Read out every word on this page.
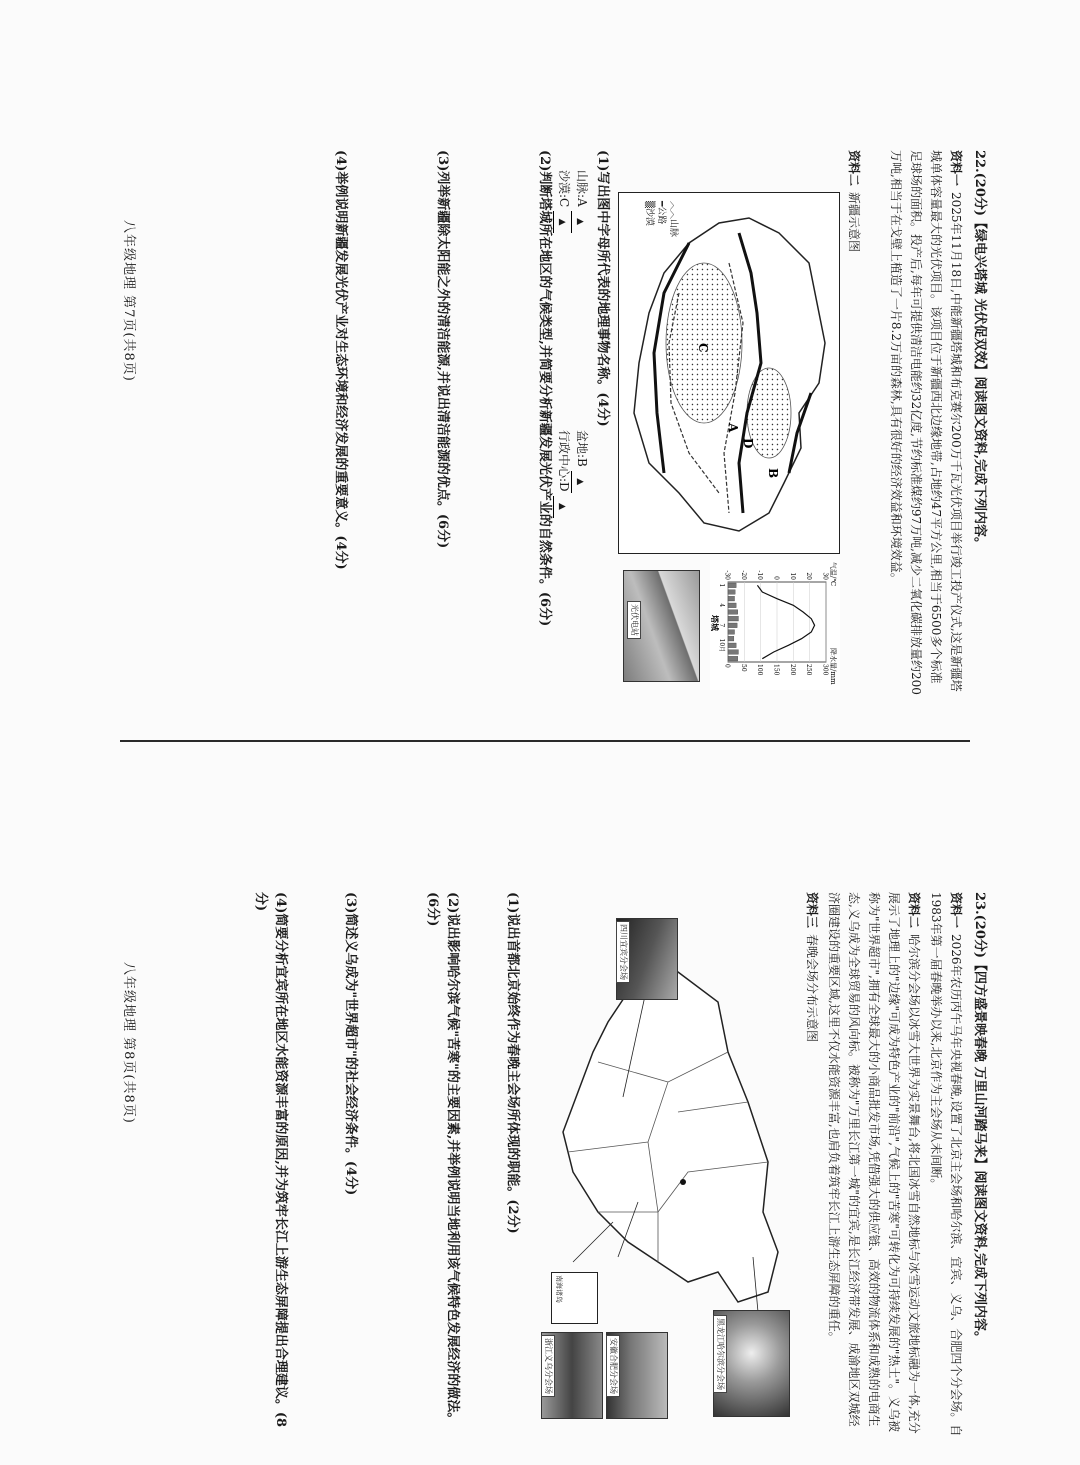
22.(20分)【绿电兴塔城 光伏促双效】阅读图文资料,完成下列内容。
资料一2025年11月18日,中能新疆塔城和布克赛尔200万千瓦光伏项目举行竣工投产仪式,这是新疆塔城单体容量最大的光伏项目。该项目位于新疆西北边缘地带,占地约47平方公里,相当于6500多个标准足球场的面积。投产后,每年可提供清洁电能约32亿度,节约标准煤约97万吨,减少二氧化碳排放量约200万吨,相当于在戈壁上植造了一片8.2万亩的森林,具有很好的经济效益和环境效益。
资料二新疆示意图
A
B
C
D
︿︿山脉
━公路
▒沙漠
气温/℃
降水量/mm
塔城
30
300
20
250
10
200
0
150
-10
100
-20
50
-30
0
1
4
7
10月
光伏电站
(1)写出图中字母所代表的地理事物名称。(4分)
山脉:A ▲
盆地:B ▲
沙漠:C ▲
行政中心:D ▲
(2)判断塔城所在地区的气候类型,并简要分析新疆发展光伏产业的自然条件。(6分)
(3)列举新疆除太阳能之外的清洁能源,并说出清洁能源的优点。(6分)
(4)举例说明新疆发展光伏产业对生态环境和经济发展的重要意义。(4分)
八年级地理 第7页(共8页)
23.(20分)【四方盛景映春晚 万里山河踏马来】阅读图文资料,完成下列内容。
资料一2026年农历丙午马年央视春晚,设置了北京主会场和哈尔滨、宜宾、义乌、合肥四个分会场。自1983年第一届春晚举办以来,北京作为主会场从未间断。
资料二哈尔滨分会场以冰雪大世界为实景舞台,将北国冰雪自然地标与冰雪运动文旅地标融为一体,充分展示了地理上的"边缘"可成为特色产业的"前沿",气候上的"苦寒"可转化为可持续发展的"热土"。义乌被称为"世界超市",拥有全球最大的小商品批发市场,凭借强大的供应链、高效的物流体系和成熟的电商生态,义乌成为全球贸易的风向标。被称为"万里长江第一城"的宜宾,是长江经济带发展、成渝地区双城经济圈建设的重要区域,这里不仅水能资源丰富,也肩负着筑牢长江上游生态屏障的重任。
资料三春晚会场分布示意图
黑龙江哈尔滨分会场
安徽合肥分会场
浙江义乌分会场
四川宜宾分会场
南海诸岛
(1)说出首都北京始终作为春晚主会场所体现的职能。(2分)
(2)说出影响哈尔滨气候"苦寒"的主要因素,并举例说明当地利用该气候特色发展经济的做法。(6分)
(3)简述义乌成为"世界超市"的社会经济条件。(4分)
(4)简要分析宜宾所在地区水能资源丰富的原因,并为筑牢长江上游生态屏障提出合理建议。(8分)
八年级地理 第8页(共8页)
